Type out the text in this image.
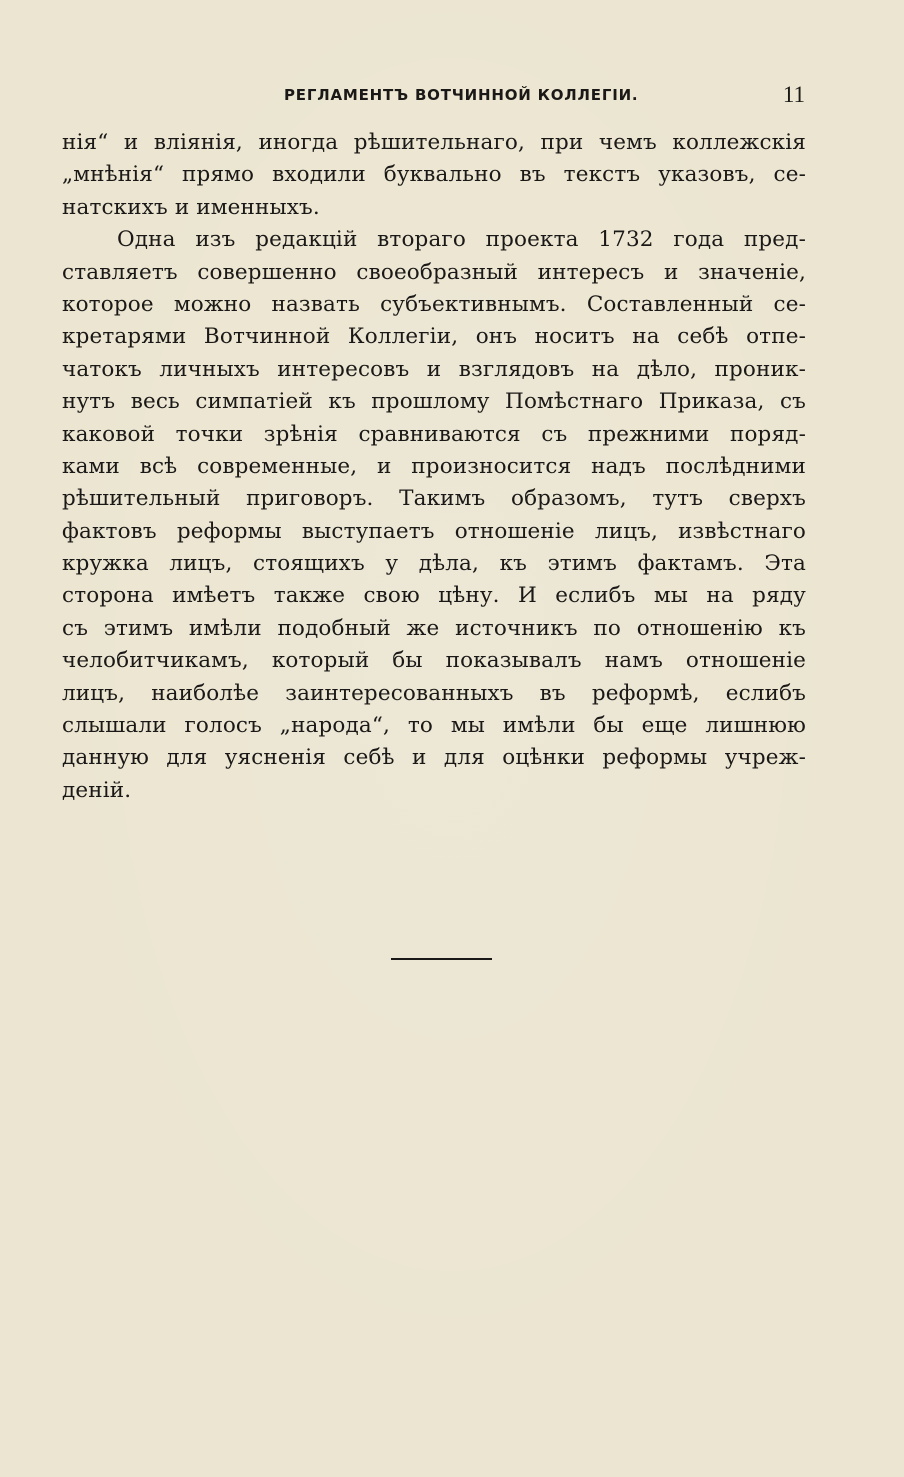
РЕГЛАМЕНТЪ ВОТЧИННОЙ КОЛЛЕГIИ.	11
нія“ и вліянія, иногда рѣшительнаго, при чемъ коллежскія
„мнѣнія“ прямо входили буквально въ текстъ указовъ, се-
натскихъ и именныхъ.
Одна изъ редакцій втораго проекта 1732 года пред-
ставляетъ совершенно своеобразный интересъ и значеніе,
которое можно назвать субъективнымъ. Составленный се-
кретарями Вотчинной Коллегіи, онъ носитъ на себѣ отпе-
чатокъ личныхъ интересовъ и взглядовъ на дѣло, проник-
нутъ весь симпатіей къ прошлому Помѣстнаго Приказа, съ
каковой точки зрѣнія сравниваются съ прежними поряд-
ками всѣ современные, и произносится надъ послѣдними
рѣшительный приговоръ. Такимъ образомъ, тутъ сверхъ
фактовъ реформы выступаетъ отношеніе лицъ, извѣстнаго
кружка лицъ, стоящихъ у дѣла, къ этимъ фактамъ. Эта
сторона имѣетъ также свою цѣну. И еслибъ мы на ряду
съ этимъ имѣли подобный же источникъ по отношенію къ
челобитчикамъ, который бы показывалъ намъ отношеніе
лицъ, наиболѣе заинтересованныхъ въ реформѣ, еслибъ
слышали голосъ „народа“, то мы имѣли бы еще лишнюю
данную для уясненія себѣ и для оцѣнки реформы учреж-
деній.
